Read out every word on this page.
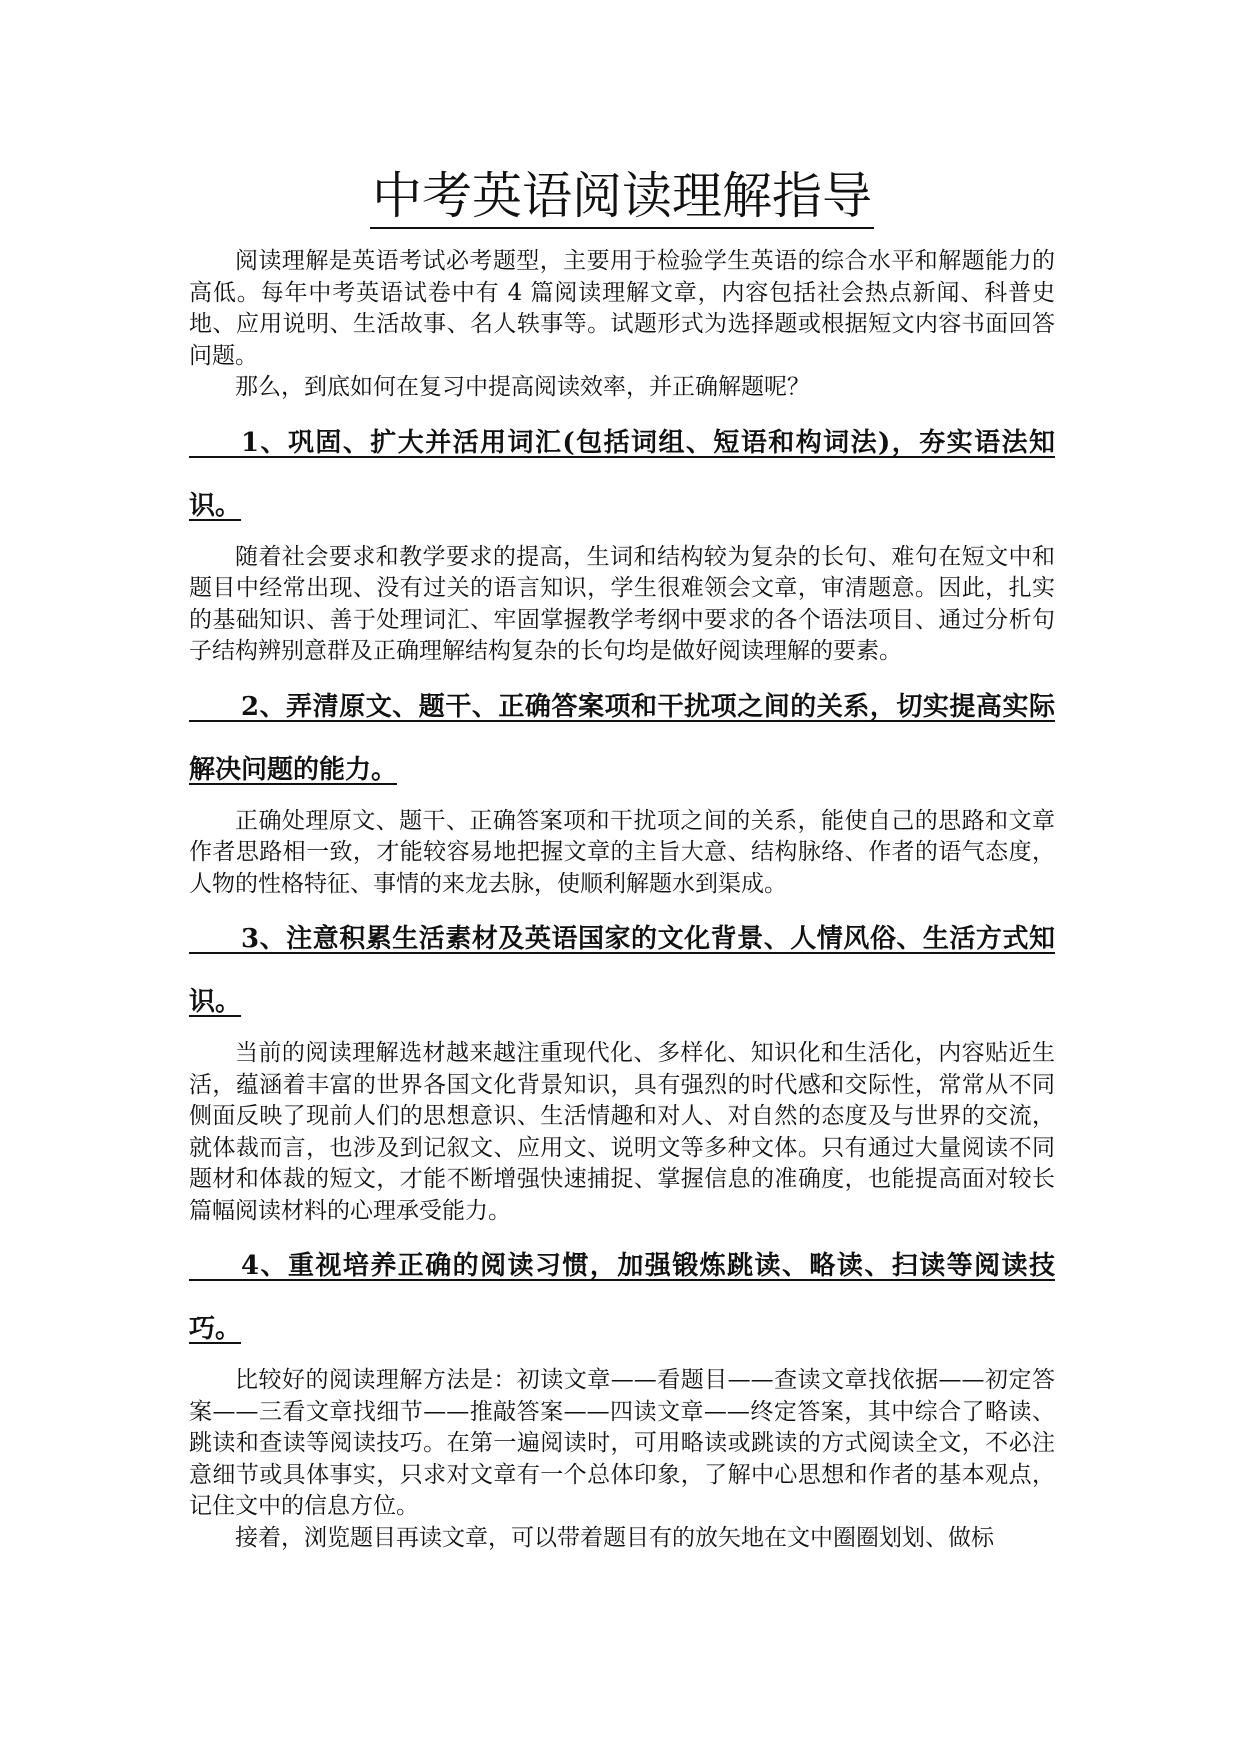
中考英语阅读理解指导

阅读理解是英语考试必考题型，主要用于检验学生英语的综合水平和解题能力的高低。每年中考英语试卷中有 4 篇阅读理解文章，内容包括社会热点新闻、科普史地、应用说明、生活故事、名人轶事等。试题形式为选择题或根据短文内容书面回答问题。

那么，到底如何在复习中提高阅读效率，并正确解题呢？

1、巩固、扩大并活用词汇(包括词组、短语和构词法)，夯实语法知识。

随着社会要求和教学要求的提高，生词和结构较为复杂的长句、难句在短文中和题目中经常出现、没有过关的语言知识，学生很难领会文章，审清题意。因此，扎实的基础知识、善于处理词汇、牢固掌握教学考纲中要求的各个语法项目、通过分析句子结构辨别意群及正确理解结构复杂的长句均是做好阅读理解的要素。

2、弄清原文、题干、正确答案项和干扰项之间的关系，切实提高实际解决问题的能力。

正确处理原文、题干、正确答案项和干扰项之间的关系，能使自己的思路和文章作者思路相一致，才能较容易地把握文章的主旨大意、结构脉络、作者的语气态度，人物的性格特征、事情的来龙去脉，使顺利解题水到渠成。

3、注意积累生活素材及英语国家的文化背景、人情风俗、生活方式知识。

当前的阅读理解选材越来越注重现代化、多样化、知识化和生活化，内容贴近生活，蕴涵着丰富的世界各国文化背景知识，具有强烈的时代感和交际性，常常从不同侧面反映了现前人们的思想意识、生活情趣和对人、对自然的态度及与世界的交流，就体裁而言，也涉及到记叙文、应用文、说明文等多种文体。只有通过大量阅读不同题材和体裁的短文，才能不断增强快速捕捉、掌握信息的准确度，也能提高面对较长篇幅阅读材料的心理承受能力。

4、重视培养正确的阅读习惯，加强锻炼跳读、略读、扫读等阅读技巧。

比较好的阅读理解方法是：初读文章——看题目——查读文章找依据——初定答案——三看文章找细节——推敲答案——四读文章——终定答案，其中综合了略读、跳读和查读等阅读技巧。在第一遍阅读时，可用略读或跳读的方式阅读全文，不必注意细节或具体事实，只求对文章有一个总体印象，了解中心思想和作者的基本观点，记住文中的信息方位。

接着，浏览题目再读文章，可以带着题目有的放矢地在文中圈圈划划、做标
